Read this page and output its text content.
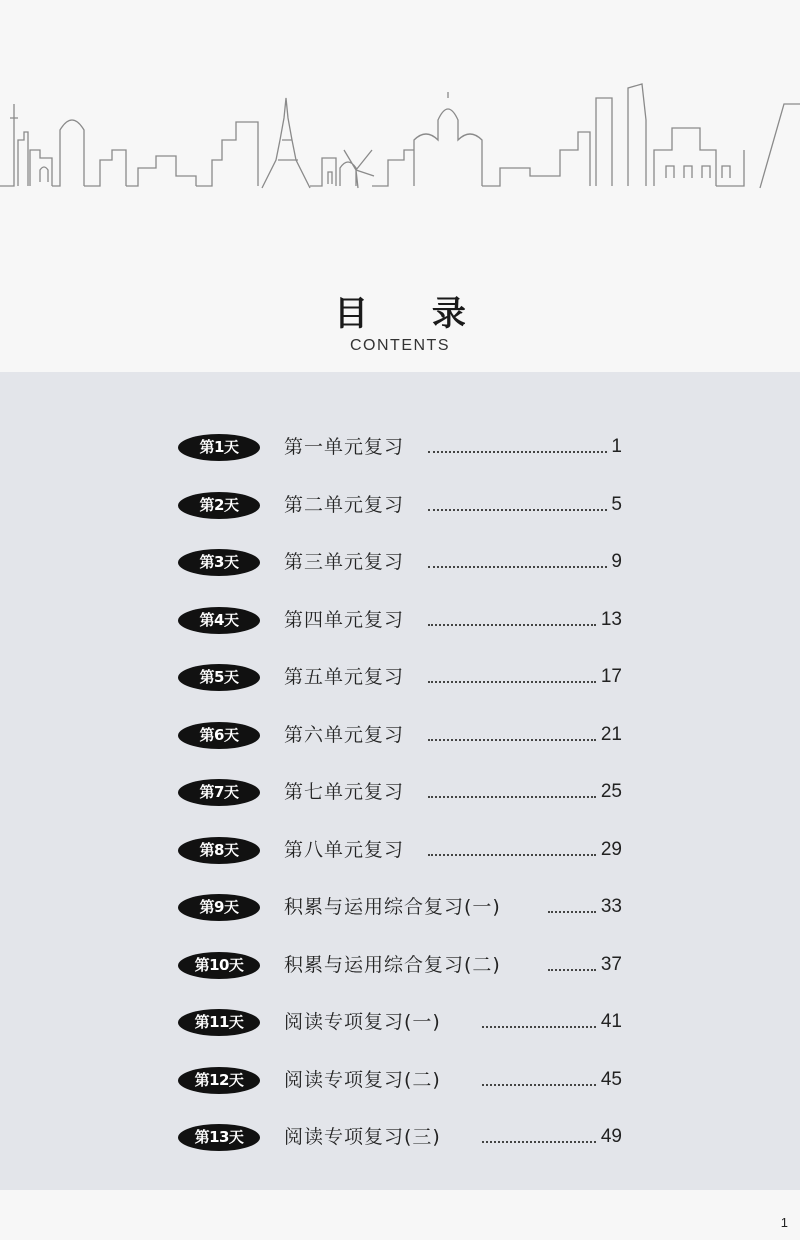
目 录
CONTENTS
第1天	第一单元复习	1
第2天	第二单元复习	5
第3天	第三单元复习	9
第4天	第四单元复习	13
第5天	第五单元复习	17
第6天	第六单元复习	21
第7天	第七单元复习	25
第8天	第八单元复习	29
第9天	积累与运用综合复习(一)	33
第10天	积累与运用综合复习(二)	37
第11天	阅读专项复习(一)	41
第12天	阅读专项复习(二)	45
第13天	阅读专项复习(三)	49
1
